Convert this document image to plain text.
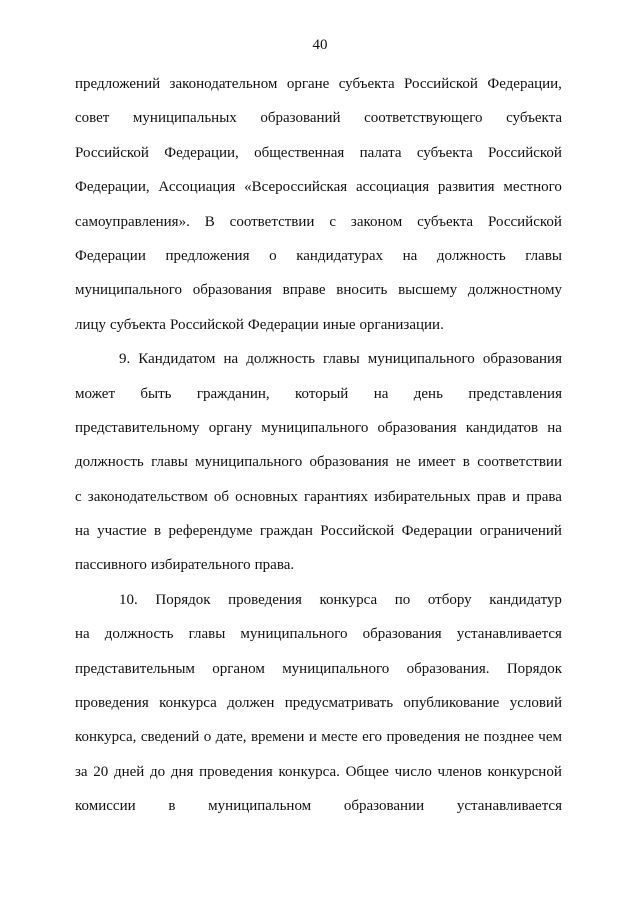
40
предложений законодательном органе субъекта Российской Федерации,
совет муниципальных образований соответствующего субъекта
Российской Федерации, общественная палата субъекта Российской
Федерации, Ассоциация «Всероссийская ассоциация развития местного
самоуправления». В соответствии с законом субъекта Российской
Федерации предложения о кандидатурах на должность главы
муниципального образования вправе вносить высшему должностному
лицу субъекта Российской Федерации иные организации.
9. Кандидатом на должность главы муниципального образования
может быть гражданин, который на день представления
представительному органу муниципального образования кандидатов на
должность главы муниципального образования не имеет в соответствии
с законодательством об основных гарантиях избирательных прав и права
на участие в референдуме граждан Российской Федерации ограничений
пассивного избирательного права.
10. Порядок проведения конкурса по отбору кандидатур
на должность главы муниципального образования устанавливается
представительным органом муниципального образования. Порядок
проведения конкурса должен предусматривать опубликование условий
конкурса, сведений о дате, времени и месте его проведения не позднее чем
за 20 дней до дня проведения конкурса. Общее число членов конкурсной
комиссии в муниципальном образовании устанавливается
